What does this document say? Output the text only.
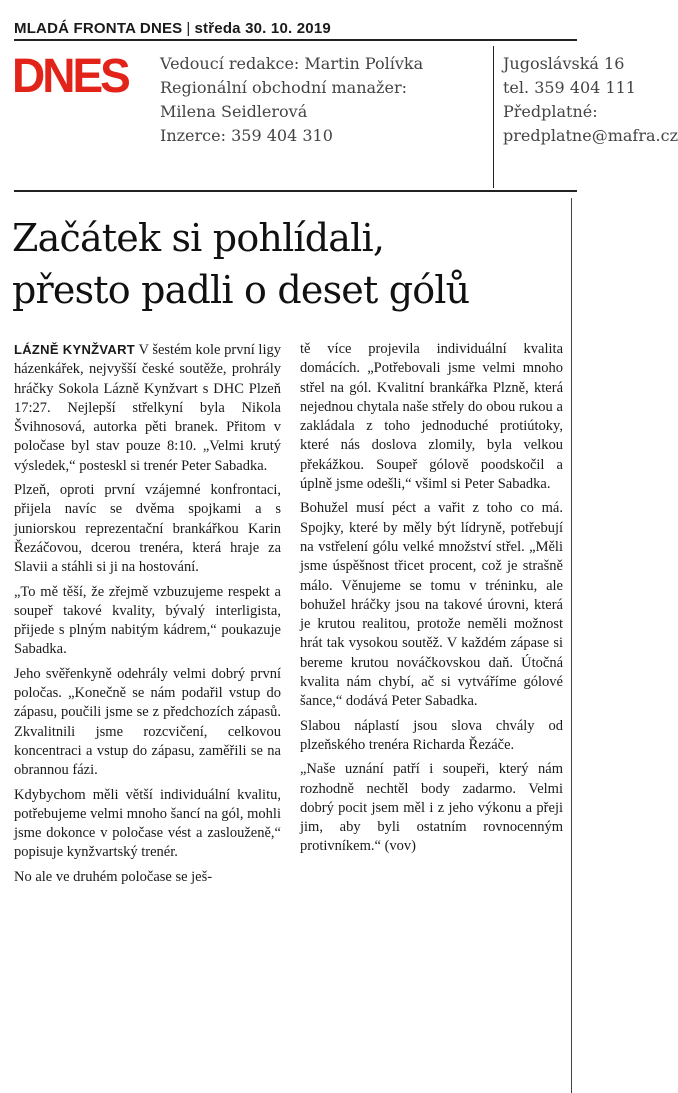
MLADÁ FRONTA DNES | středa 30. 10. 2019
DNES Vedoucí redakce: Martin Polívka
Regionální obchodní manažer:
Milena Seidlerová
Inzerce: 359 404 310
Jugoslávská 16
tel. 359 404 111
Předplatné:
predplatne@mafra.cz
Začátek si pohlídali,
přesto padli o deset gólů

LÁZNĚ KYNŽVART V šestém kole první ligy házenkářek, nejvyšší české soutěže, prohrály hráčky Sokola Lázně Kynžvart s DHC Plzeň 17:27. Nejlepší střelkyní byla Nikola Švihnosová, autorka pěti branek. Přitom v poločase byl stav pouze 8:10. „Velmi krutý výsledek,“ posteskl si trenér Peter Sabadka.

Plzeň, oproti první vzájemné konfrontaci, přijela navíc se dvěma spojkami a s juniorskou reprezentační brankářkou Karin Řezáčovou, dcerou trenéra, která hraje za Slavii a stáhli si ji na hostování.

„To mě těší, že zřejmě vzbuzujeme respekt a soupeř takové kvality, bývalý interligista, přijede s plným nabitým kádrem,“ poukazuje Sabadka.

Jeho svěřenkyně odehrály velmi dobrý první poločas. „Konečně se nám podařil vstup do zápasu, poučili jsme se z předchozích zápasů. Zkvalitnili jsme rozcvičení, celkovou koncentraci a vstup do zápasu, zaměřili se na obrannou fázi.

Kdybychom měli větší individuální kvalitu, potřebujeme velmi mnoho šancí na gól, mohli jsme dokonce v poločase vést a zaslouženě,“ popisuje kynžvartský trenér.

No ale ve druhém poločase se ješ-

tě více projevila individuální kvalita domácích. „Potřebovali jsme velmi mnoho střel na gól. Kvalitní brankářka Plzně, která nejednou chytala naše střely do obou rukou a zakládala z toho jednoduché protiútoky, které nás doslova zlomily, byla velkou překážkou. Soupeř gólově poodskočil a úplně jsme odešli,“ všiml si Peter Sabadka.

Bohužel musí péct a vařit z toho co má. Spojky, které by měly být lídryně, potřebují na vstřelení gólu velké množství střel. „Měli jsme úspěšnost třicet procent, což je strašně málo. Věnujeme se tomu v tréninku, ale bohužel hráčky jsou na takové úrovni, která je krutou realitou, protože neměli možnost hrát tak vysokou soutěž. V každém zápase si bereme krutou nováčkovskou daň. Útočná kvalita nám chybí, ač si vytváříme gólové šance,“ dodává Peter Sabadka.

Slabou náplastí jsou slova chvály od plzeňského trenéra Richarda Řezáče.

„Naše uznání patří i soupeři, který nám rozhodně nechtěl body zadarmo. Velmi dobrý pocit jsem měl i z jeho výkonu a přeji jim, aby byli ostatním rovnocenným protivníkem.“ (vov)
